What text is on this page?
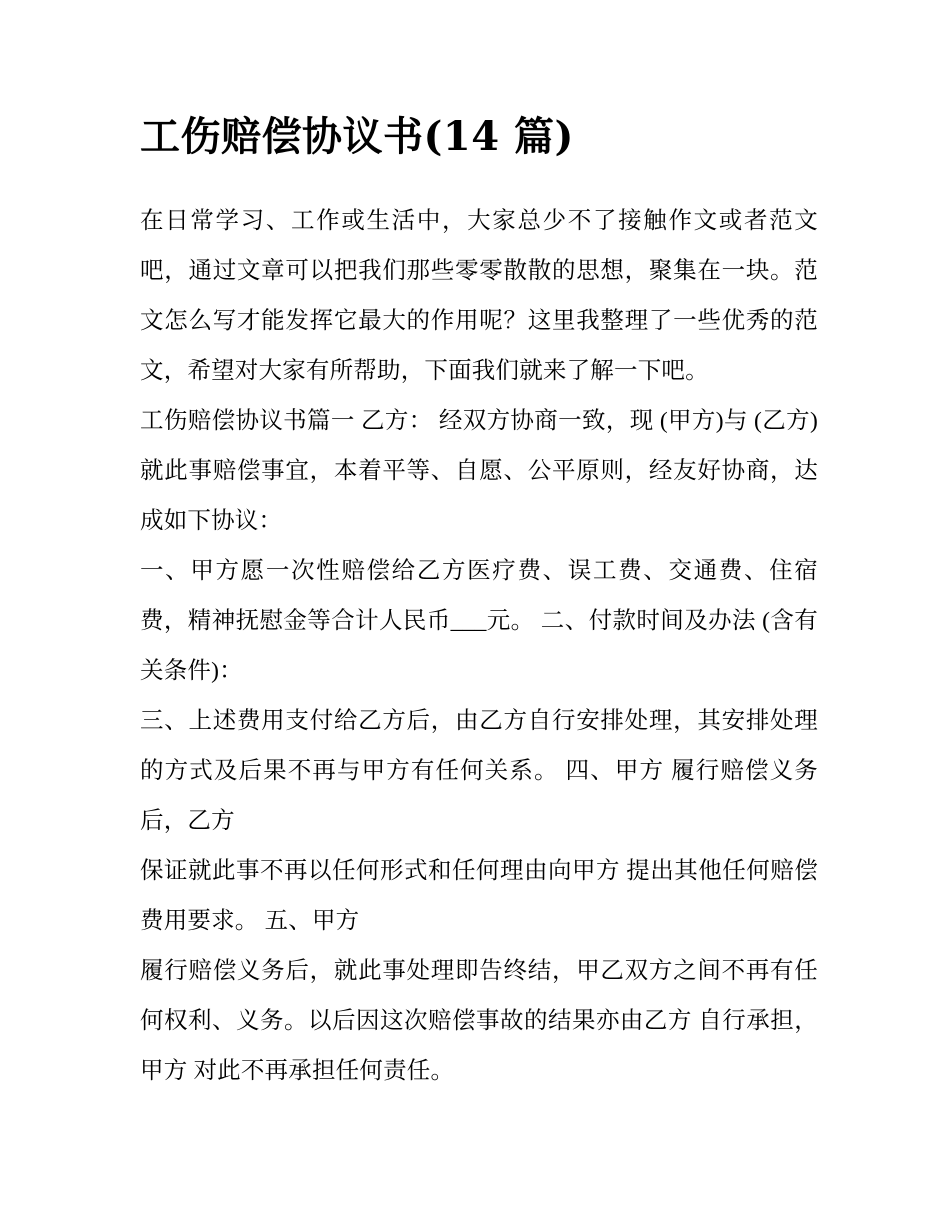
工伤赔偿协议书(14 篇)

在日常学习、工作或生活中，大家总少不了接触作文或者范文吧，通过文章可以把我们那些零零散散的思想，聚集在一块。范文怎么写才能发挥它最大的作用呢？这里我整理了一些优秀的范文，希望对大家有所帮助，下面我们就来了解一下吧。

工伤赔偿协议书篇一 乙方： 经双方协商一致，现 (甲方)与 (乙方)就此事赔偿事宜，本着平等、自愿、公平原则，经友好协商，达成如下协议：

一、甲方愿一次性赔偿给乙方医疗费、误工费、交通费、住宿费，精神抚慰金等合计人民币___元。 二、付款时间及办法 (含有关条件)：

三、上述费用支付给乙方后，由乙方自行安排处理，其安排处理的方式及后果不再与甲方有任何关系。 四、甲方 履行赔偿义务后，乙方

保证就此事不再以任何形式和任何理由向甲方 提出其他任何赔偿费用要求。 五、甲方

履行赔偿义务后，就此事处理即告终结，甲乙双方之间不再有任何权利、义务。以后因这次赔偿事故的结果亦由乙方 自行承担，甲方 对此不再承担任何责任。
